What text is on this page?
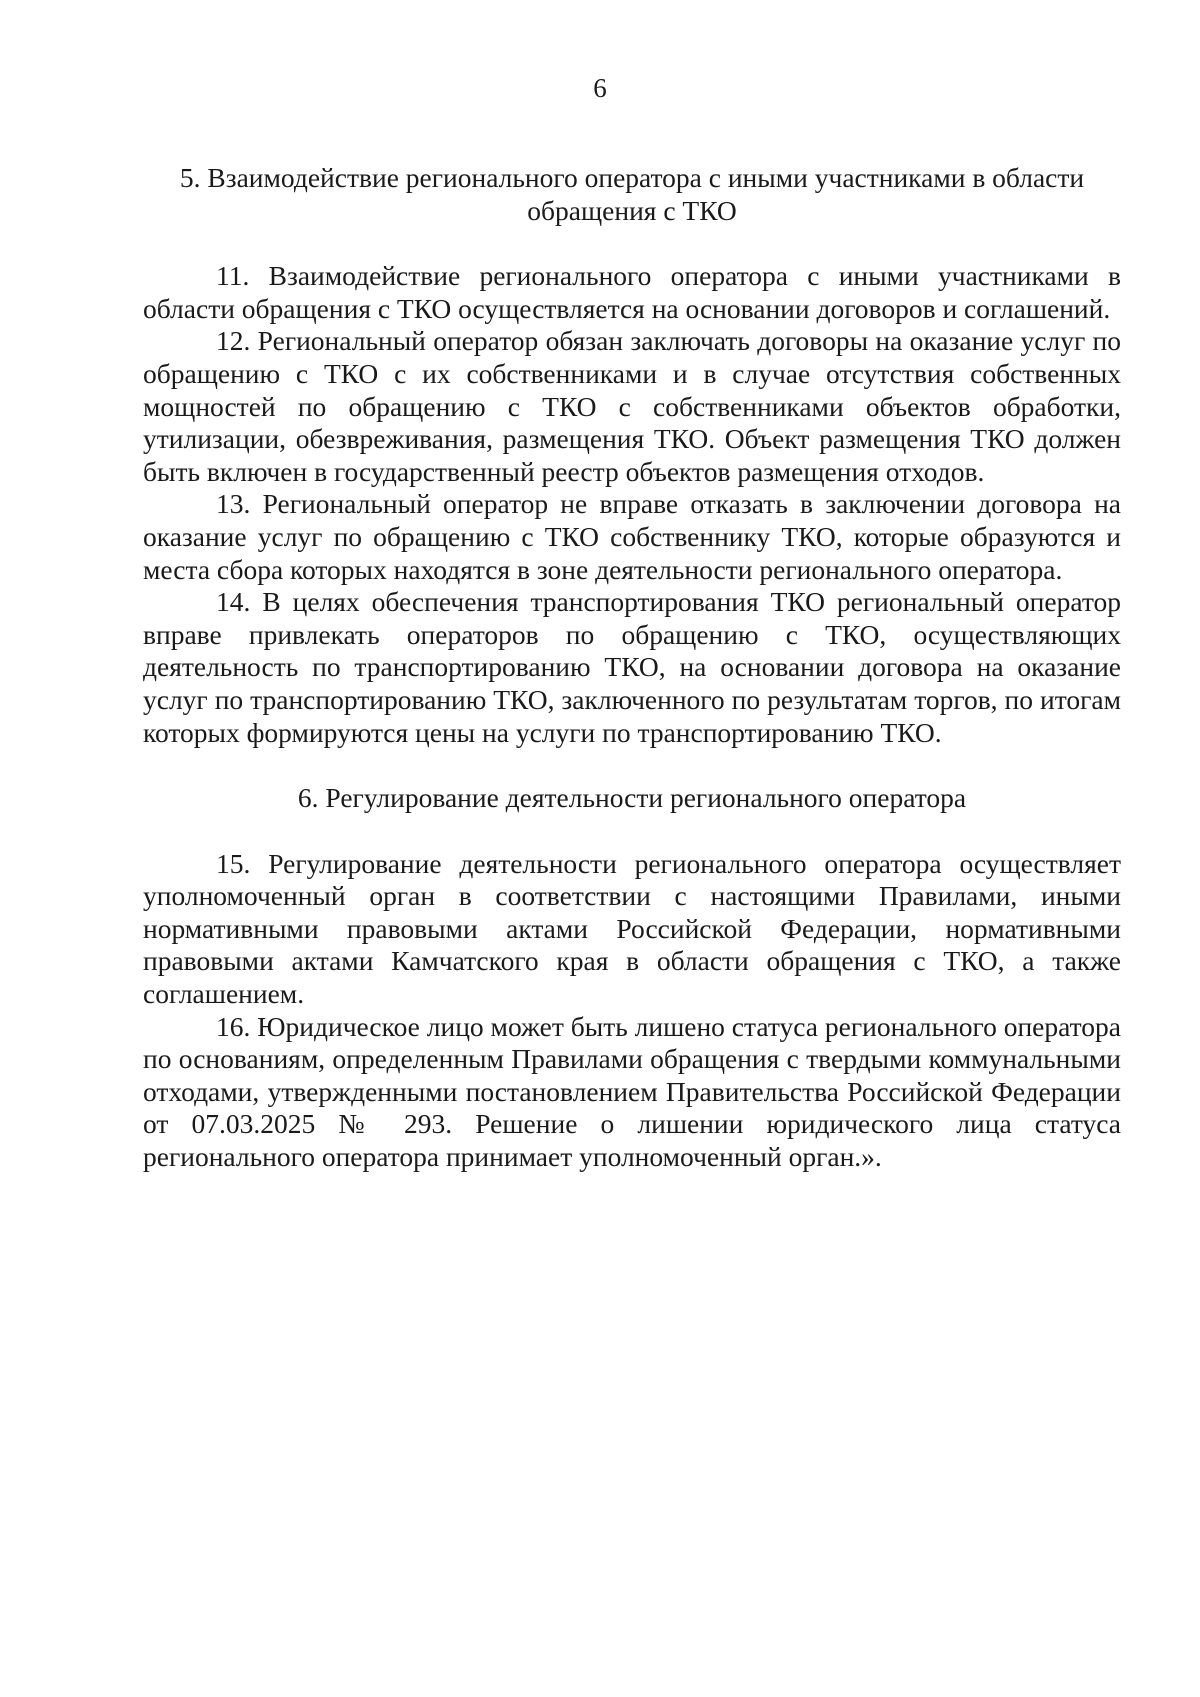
6
5. Взаимодействие регионального оператора с иными участниками в области обращения с ТКО

11. Взаимодействие регионального оператора с иными участниками в области обращения с ТКО осуществляется на основании договоров и соглашений.

12. Региональный оператор обязан заключать договоры на оказание услуг по обращению с ТКО с их собственниками и в случае отсутствия собственных мощностей по обращению с ТКО с собственниками объектов обработки, утилизации, обезвреживания, размещения ТКО. Объект размещения ТКО должен быть включен в государственный реестр объектов размещения отходов.

13. Региональный оператор не вправе отказать в заключении договора на оказание услуг по обращению с ТКО собственнику ТКО, которые образуются и места сбора которых находятся в зоне деятельности регионального оператора.

14. В целях обеспечения транспортирования ТКО региональный оператор вправе привлекать операторов по обращению с ТКО, осуществляющих деятельность по транспортированию ТКО, на основании договора на оказание услуг по транспортированию ТКО, заключенного по результатам торгов, по итогам которых формируются цены на услуги по транспортированию ТКО.

6. Регулирование деятельности регионального оператора

15. Регулирование деятельности регионального оператора осуществляет уполномоченный орган в соответствии с настоящими Правилами, иными нормативными правовыми актами Российской Федерации, нормативными правовыми актами Камчатского края в области обращения с ТКО, а также соглашением.

16. Юридическое лицо может быть лишено статуса регионального оператора по основаниям, определенным Правилами обращения с твердыми коммунальными отходами, утвержденными постановлением Правительства Российской Федерации от 07.03.2025 № 293. Решение о лишении юридического лица статуса регионального оператора принимает уполномоченный орган.».
